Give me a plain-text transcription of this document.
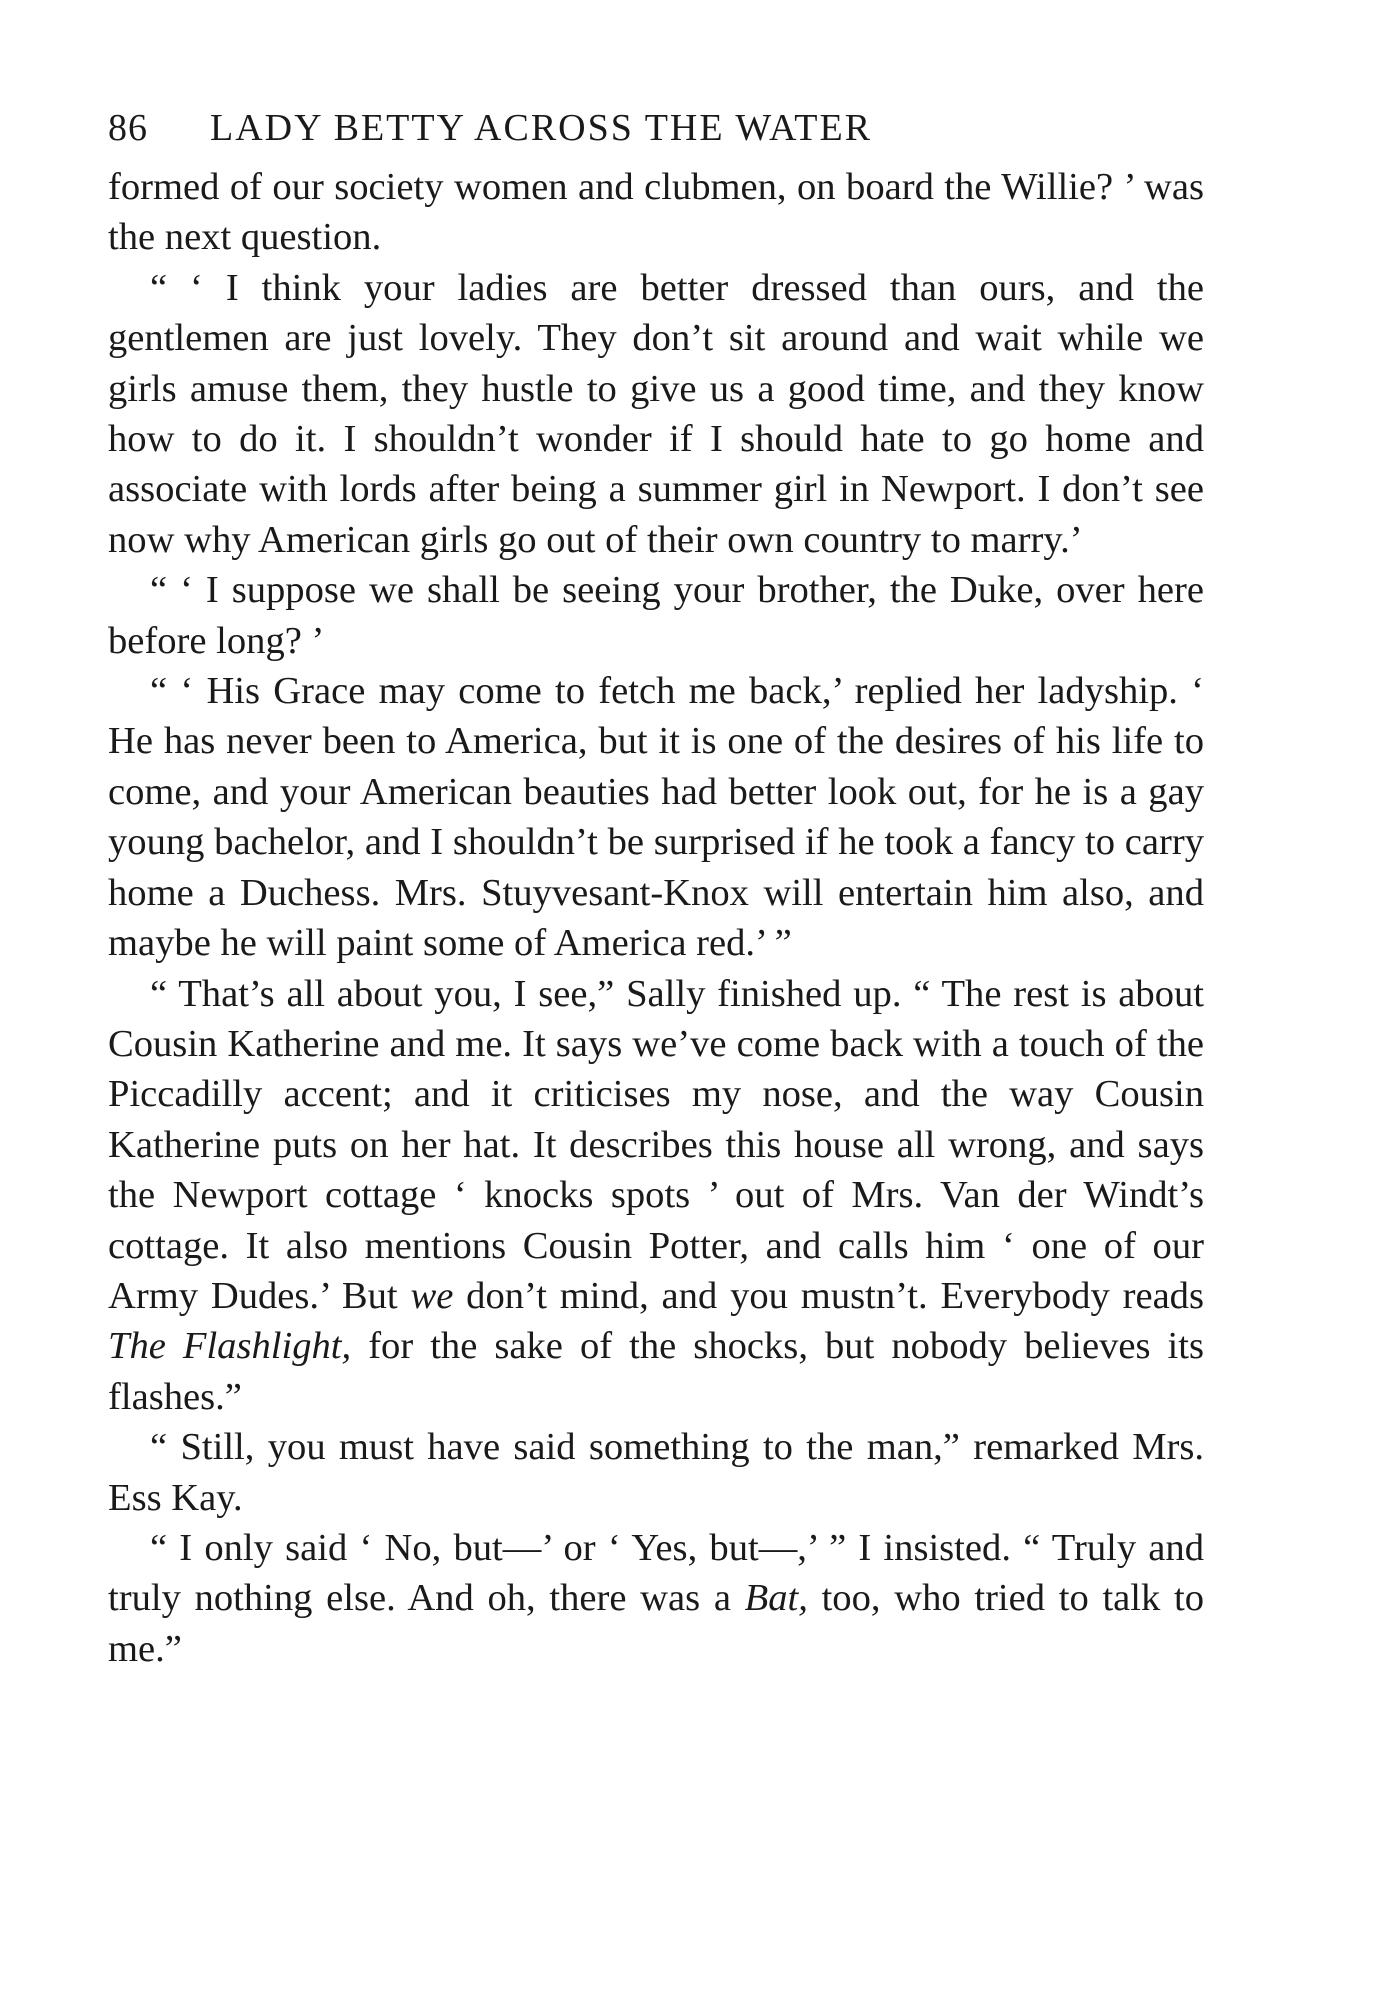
86	LADY BETTY ACROSS THE WATER

formed of our society women and clubmen, on board the Willie? ’ was the next question.

“ ‘ I think your ladies are better dressed than ours, and the gentlemen are just lovely. They don’t sit around and wait while we girls amuse them, they hustle to give us a good time, and they know how to do it. I shouldn’t wonder if I should hate to go home and associate with lords after being a summer girl in Newport. I don’t see now why American girls go out of their own country to marry.’

“ ‘ I suppose we shall be seeing your brother, the Duke, over here before long? ’

“ ‘ His Grace may come to fetch me back,’ replied her ladyship. ‘ He has never been to America, but it is one of the desires of his life to come, and your American beauties had better look out, for he is a gay young bachelor, and I shouldn’t be surprised if he took a fancy to carry home a Duchess. Mrs. Stuyvesant-Knox will entertain him also, and maybe he will paint some of America red.’ ”

“ That’s all about you, I see,” Sally finished up. “ The rest is about Cousin Katherine and me. It says we’ve come back with a touch of the Piccadilly accent; and it criticises my nose, and the way Cousin Katherine puts on her hat. It describes this house all wrong, and says the Newport cottage ‘ knocks spots ’ out of Mrs. Van der Windt’s cottage. It also mentions Cousin Potter, and calls him ‘ one of our Army Dudes.’ But we don’t mind, and you mustn’t. Everybody reads The Flashlight, for the sake of the shocks, but nobody believes its flashes.”

“ Still, you must have said something to the man,” remarked Mrs. Ess Kay.

“ I only said ‘ No, but—’ or ‘ Yes, but—,’ ” I insisted. “ Truly and truly nothing else. And oh, there was a Bat, too, who tried to talk to me.”
